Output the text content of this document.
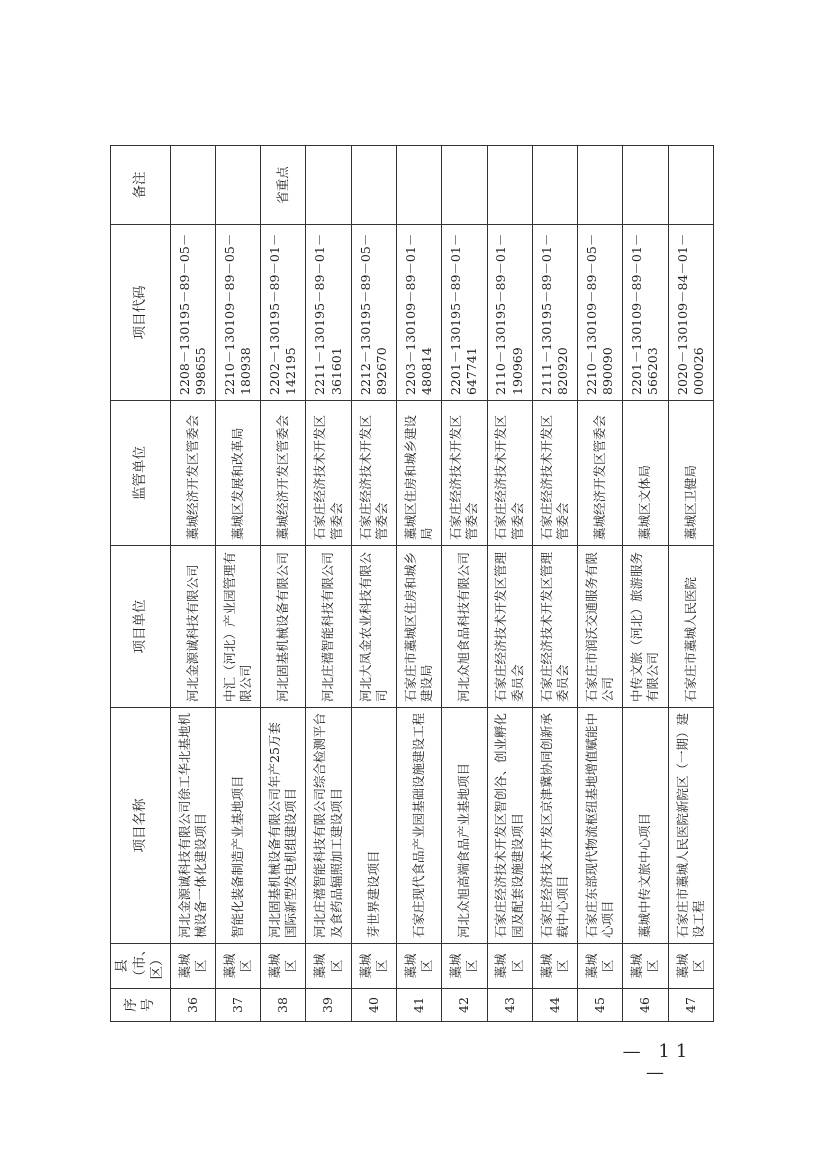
序号	县（市、区）	项目名称	项目单位	监管单位	项目代码	备注
36	藁城区	河北金源诚科技有限公司徐工华北基地机械设备一体化建设项目	河北金源诚科技有限公司	藁城经济开发区管委会	2208－130195－89－05－998655	
37	藁城区	智能化装备制造产业基地项目	中汇（河北）产业园管理有限公司	藁城区发展和改革局	2210－130109－89－05－180938	
38	藁城区	河北固基机械设备有限公司年产25万套国际新型发电机组建设项目	河北固基机械设备有限公司	藁城经济开发区管委会	2202－130195－89－01－142195	省重点
39	藁城区	河北庄禧智能科技有限公司综合检测平台及食药品辐照加工建设项目	河北庄禧智能科技有限公司	石家庄经济技术开发区管委会	2211－130195－89－01－361601	
40	藁城区	芽世界建设项目	河北大凤金农业科技有限公司	石家庄经济技术开发区管委会	2212－130195－89－05－892670	
41	藁城区	石家庄现代食品产业园基础设施建设工程	石家庄市藁城区住房和城乡建设局	藁城区住房和城乡建设局	2203－130109－89－01－480814	
42	藁城区	河北众旭高端食品产业基地项目	河北众旭食品科技有限公司	石家庄经济技术开发区管委会	2201－130195－89－01－647741	
43	藁城区	石家庄经济技术开发区智创谷、创业孵化园及配套设施建设项目	石家庄经济技术开发区管理委员会	石家庄经济技术开发区管委会	2110－130195－89－01－190969	
44	藁城区	石家庄经济技术开发区京津冀协同创新承载中心项目	石家庄经济技术开发区管理委员会	石家庄经济技术开发区管委会	2111－130195－89－01－820920	
45	藁城区	石家庄东部现代物流枢纽基地增值赋能中心项目	石家庄市润沃交通服务有限公司	藁城经济开发区管委会	2210－130109－89－05－890090	
46	藁城区	藁城中传文旅中心项目	中传文旅（河北）旅游服务有限公司	藁城区文体局	2201－130109－89－01－566203	
47	藁城区	石家庄市藁城人民医院新院区（一期）建设工程	石家庄市藁城人民医院	藁城区卫健局	2020－130109－84－01－000026	
— 11 —
